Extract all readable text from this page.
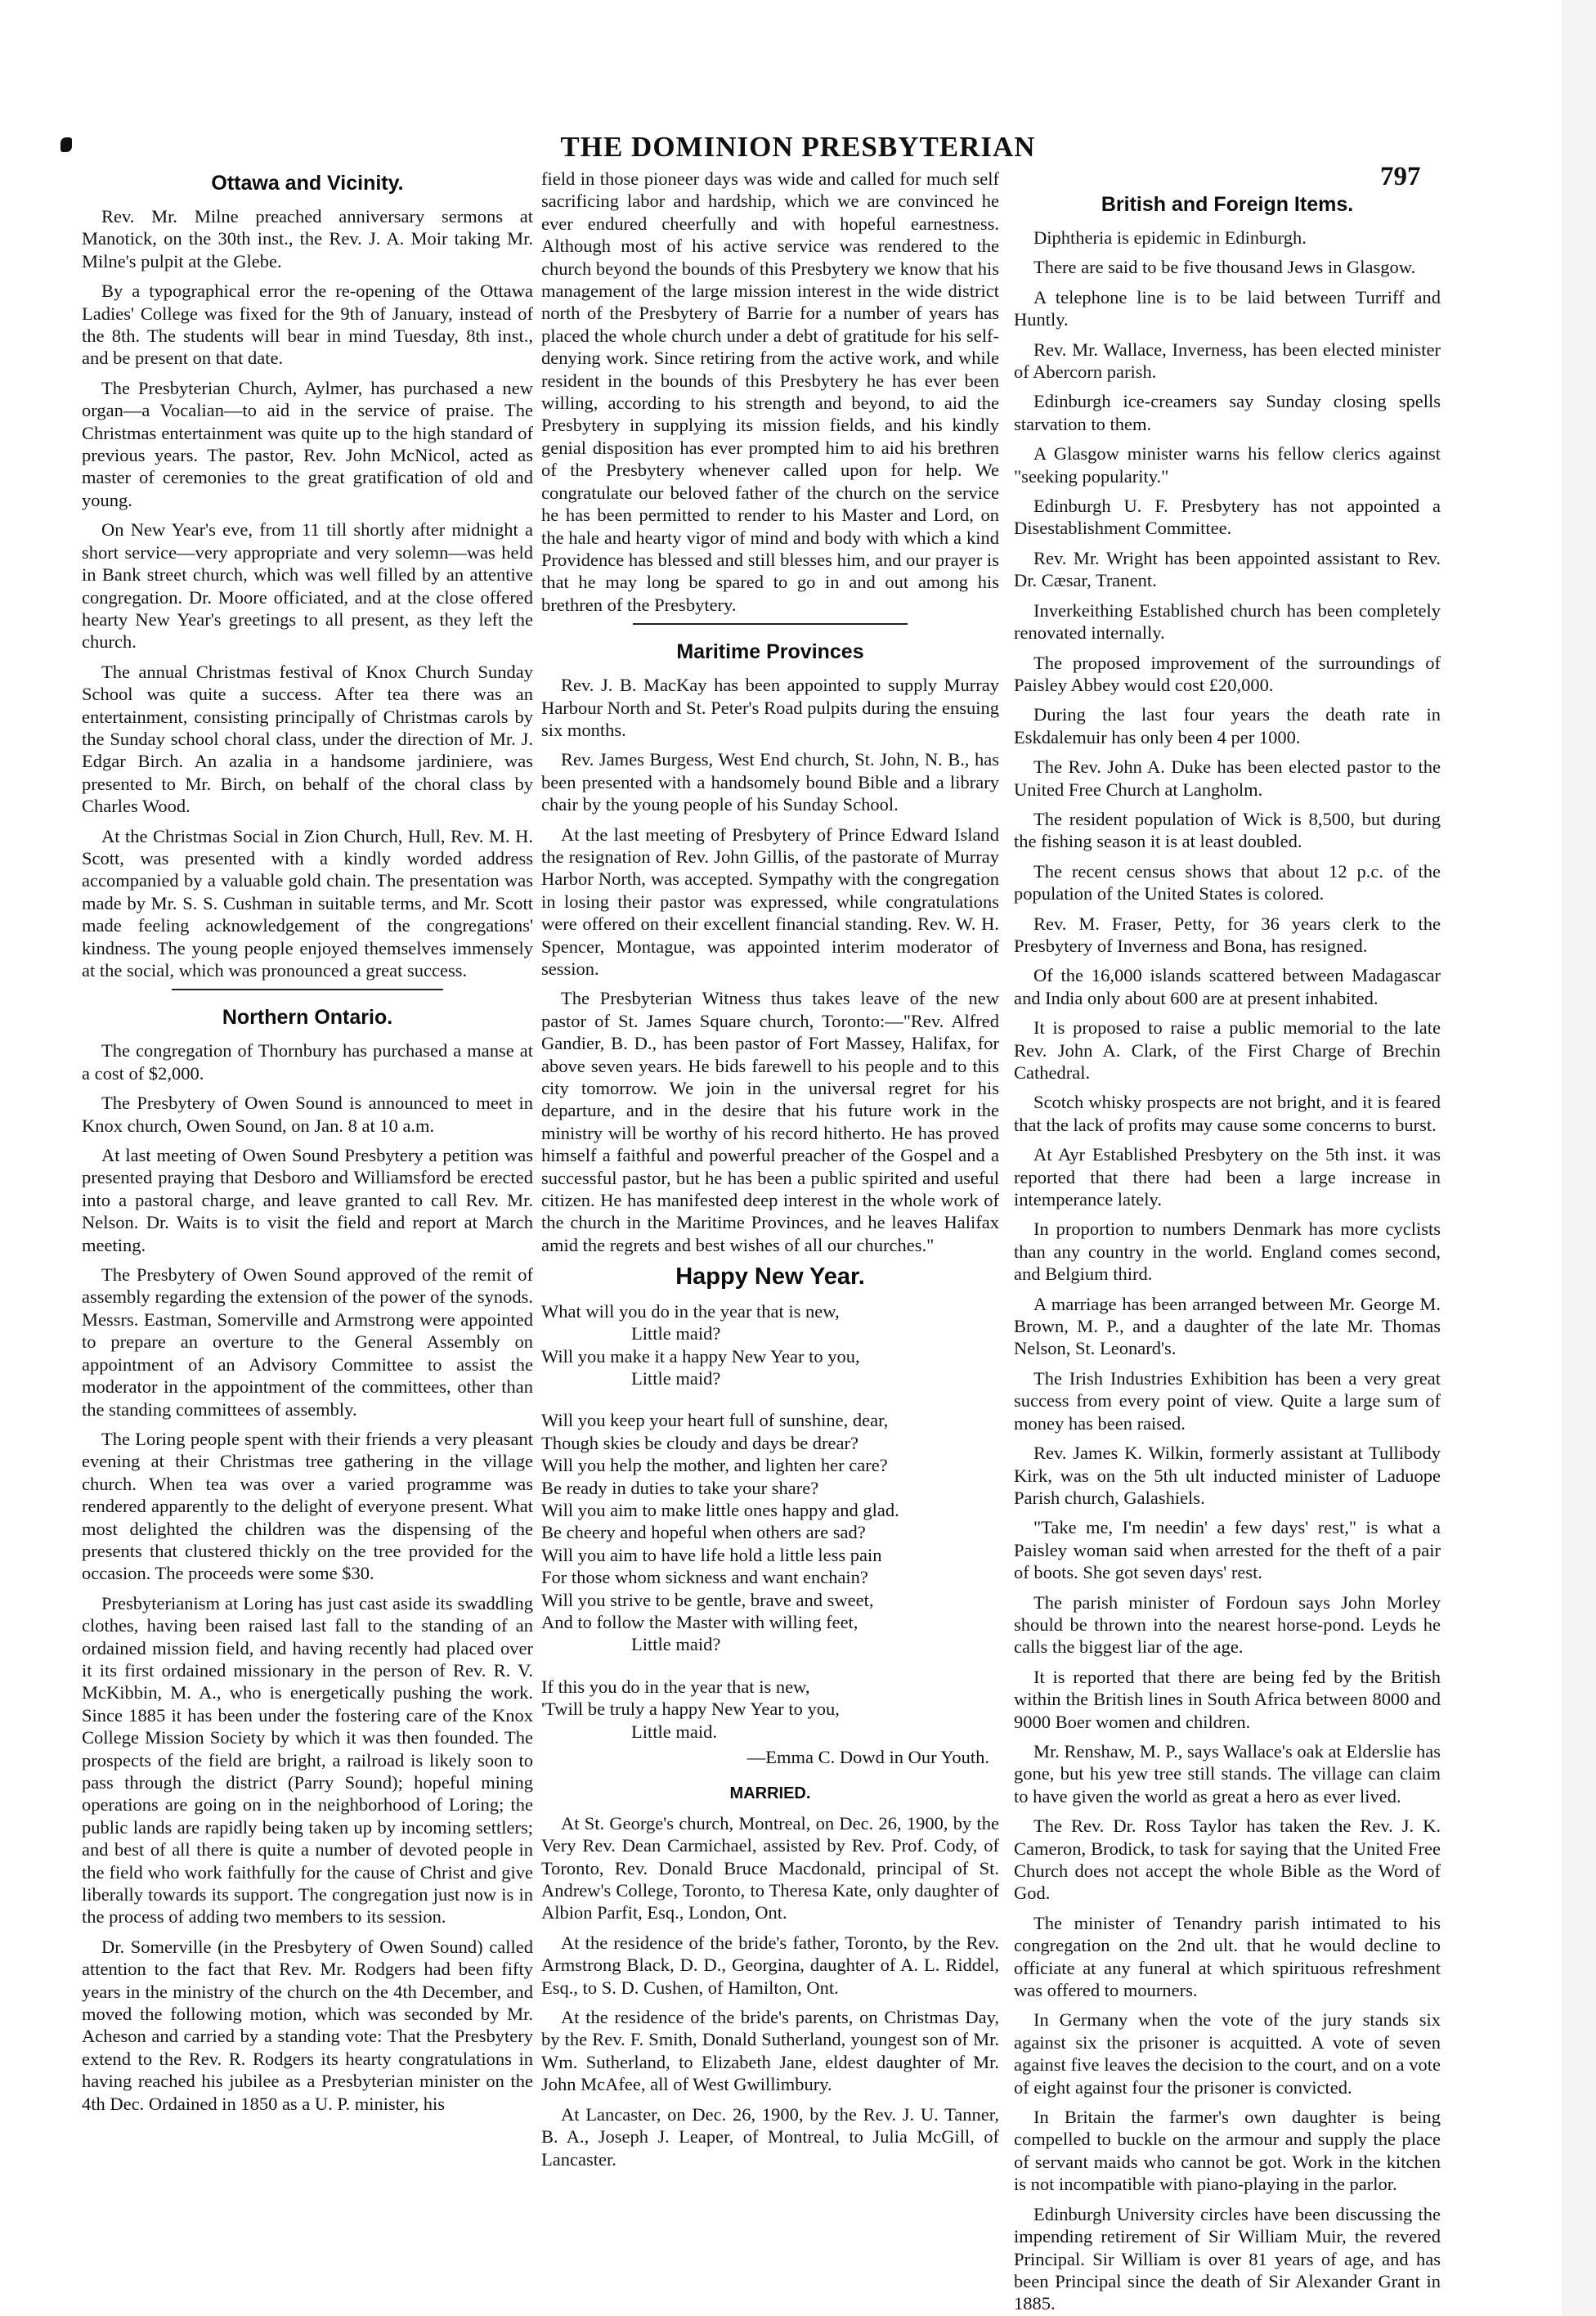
THE DOMINION PRESBYTERIAN
797
Ottawa and Vicinity.

Rev. Mr. Milne preached anniversary sermons at Manotick, on the 30th inst., the Rev. J. A. Moir taking Mr. Milne's pulpit at the Glebe.

By a typographical error the re-opening of the Ottawa Ladies' College was fixed for the 9th of January, instead of the 8th. The students will bear in mind Tuesday, 8th inst., and be present on that date.

The Presbyterian Church, Aylmer, has purchased a new organ—a Vocalian—to aid in the service of praise. The Christmas entertainment was quite up to the high standard of previous years. The pastor, Rev. John McNicol, acted as master of ceremonies to the great gratification of old and young.

On New Year's eve, from 11 till shortly after midnight a short service—very appropriate and very solemn—was held in Bank street church, which was well filled by an attentive congregation. Dr. Moore officiated, and at the close offered hearty New Year's greetings to all present, as they left the church.

The annual Christmas festival of Knox Church Sunday School was quite a success. After tea there was an entertainment, consisting principally of Christmas carols by the Sunday school choral class, under the direction of Mr. J. Edgar Birch. An azalia in a handsome jardiniere, was presented to Mr. Birch, on behalf of the choral class by Charles Wood.

At the Christmas Social in Zion Church, Hull, Rev. M. H. Scott, was presented with a kindly worded address accompanied by a valuable gold chain. The presentation was made by Mr. S. S. Cushman in suitable terms, and Mr. Scott made feeling acknowledgement of the congregations' kindness. The young people enjoyed themselves immensely at the social, which was pronounced a great success.

Northern Ontario.

The congregation of Thornbury has purchased a manse at a cost of $2,000.

The Presbytery of Owen Sound is announced to meet in Knox church, Owen Sound, on Jan. 8 at 10 a.m.

At last meeting of Owen Sound Presbytery a petition was presented praying that Desboro and Williamsford be erected into a pastoral charge, and leave granted to call Rev. Mr. Nelson. Dr. Waits is to visit the field and report at March meeting.

The Presbytery of Owen Sound approved of the remit of assembly regarding the extension of the power of the synods. Messrs. Eastman, Somerville and Armstrong were appointed to prepare an overture to the General Assembly on appointment of an Advisory Committee to assist the moderator in the appointment of the committees, other than the standing committees of assembly.

The Loring people spent with their friends a very pleasant evening at their Christmas tree gathering in the village church. When tea was over a varied programme was rendered apparently to the delight of everyone present. What most delighted the children was the dispensing of the presents that clustered thickly on the tree provided for the occasion. The proceeds were some $30.

Presbyterianism at Loring has just cast aside its swaddling clothes, having been raised last fall to the standing of an ordained mission field, and having recently had placed over it its first ordained missionary in the person of Rev. R. V. McKibbin, M. A., who is energetically pushing the work. Since 1885 it has been under the fostering care of the Knox College Mission Society by which it was then founded. The prospects of the field are bright, a railroad is likely soon to pass through the district (Parry Sound); hopeful mining operations are going on in the neighborhood of Loring; the public lands are rapidly being taken up by incoming settlers; and best of all there is quite a number of devoted people in the field who work faithfully for the cause of Christ and give liberally towards its support. The congregation just now is in the process of adding two members to its session.

Dr. Somerville (in the Presbytery of Owen Sound) called attention to the fact that Rev. Mr. Rodgers had been fifty years in the ministry of the church on the 4th December, and moved the following motion, which was seconded by Mr. Acheson and carried by a standing vote: That the Presbytery extend to the Rev. R. Rodgers its hearty congratulations in having reached his jubilee as a Presbyterian minister on the 4th Dec. Ordained in 1850 as a U. P. minister, his

field in those pioneer days was wide and called for much self sacrificing labor and hardship, which we are convinced he ever endured cheerfully and with hopeful earnestness. Although most of his active service was rendered to the church beyond the bounds of this Presbytery we know that his management of the large mission interest in the wide district north of the Presbytery of Barrie for a number of years has placed the whole church under a debt of gratitude for his self-denying work. Since retiring from the active work, and while resident in the bounds of this Presbytery he has ever been willing, according to his strength and beyond, to aid the Presbytery in supplying its mission fields, and his kindly genial disposition has ever prompted him to aid his brethren of the Presbytery whenever called upon for help. We congratulate our beloved father of the church on the service he has been permitted to render to his Master and Lord, on the hale and hearty vigor of mind and body with which a kind Providence has blessed and still blesses him, and our prayer is that he may long be spared to go in and out among his brethren of the Presbytery.

Maritime Provinces

Rev. J. B. MacKay has been appointed to supply Murray Harbour North and St. Peter's Road pulpits during the ensuing six months.

Rev. James Burgess, West End church, St. John, N. B., has been presented with a handsomely bound Bible and a library chair by the young people of his Sunday School.

At the last meeting of Presbytery of Prince Edward Island the resignation of Rev. John Gillis, of the pastorate of Murray Harbor North, was accepted. Sympathy with the congregation in losing their pastor was expressed, while congratulations were offered on their excellent financial standing. Rev. W. H. Spencer, Montague, was appointed interim moderator of session.

The Presbyterian Witness thus takes leave of the new pastor of St. James Square church, Toronto:—"Rev. Alfred Gandier, B. D., has been pastor of Fort Massey, Halifax, for above seven years. He bids farewell to his people and to this city tomorrow. We join in the universal regret for his departure, and in the desire that his future work in the ministry will be worthy of his record hitherto. He has proved himself a faithful and powerful preacher of the Gospel and a successful pastor, but he has been a public spirited and useful citizen. He has manifested deep interest in the whole work of the church in the Maritime Provinces, and he leaves Halifax amid the regrets and best wishes of all our churches."

Happy New Year.
What will you do in the year that is new,
Little maid?
Will you make it a happy New Year to you,
Little maid?
Will you keep your heart full of sunshine, dear,
Though skies be cloudy and days be drear?
Will you help the mother, and lighten her care?
Be ready in duties to take your share?
Will you aim to make little ones happy and glad.
Be cheery and hopeful when others are sad?
Will you aim to have life hold a little less pain
For those whom sickness and want enchain?
Will you strive to be gentle, brave and sweet,
And to follow the Master with willing feet,
Little maid?
If this you do in the year that is new,
'Twill be truly a happy New Year to you,
Little maid.
—Emma C. Dowd in Our Youth.
MARRIED.

At St. George's church, Montreal, on Dec. 26, 1900, by the Very Rev. Dean Carmichael, assisted by Rev. Prof. Cody, of Toronto, Rev. Donald Bruce Macdonald, principal of St. Andrew's College, Toronto, to Theresa Kate, only daughter of Albion Parfit, Esq., London, Ont.

At the residence of the bride's father, Toronto, by the Rev. Armstrong Black, D. D., Georgina, daughter of A. L. Riddel, Esq., to S. D. Cushen, of Hamilton, Ont.

At the residence of the bride's parents, on Christmas Day, by the Rev. F. Smith, Donald Sutherland, youngest son of Mr. Wm. Sutherland, to Elizabeth Jane, eldest daughter of Mr. John McAfee, all of West Gwillimbury.

At Lancaster, on Dec. 26, 1900, by the Rev. J. U. Tanner, B. A., Joseph J. Leaper, of Montreal, to Julia McGill, of Lancaster.

British and Foreign Items.

Diphtheria is epidemic in Edinburgh.

There are said to be five thousand Jews in Glasgow.

A telephone line is to be laid between Turriff and Huntly.

Rev. Mr. Wallace, Inverness, has been elected minister of Abercorn parish.

Edinburgh ice-creamers say Sunday closing spells starvation to them.

A Glasgow minister warns his fellow clerics against "seeking popularity."

Edinburgh U. F. Presbytery has not appointed a Disestablishment Committee.

Rev. Mr. Wright has been appointed assistant to Rev. Dr. Cæsar, Tranent.

Inverkeithing Established church has been completely renovated internally.

The proposed improvement of the surroundings of Paisley Abbey would cost £20,000.

During the last four years the death rate in Eskdalemuir has only been 4 per 1000.

The Rev. John A. Duke has been elected pastor to the United Free Church at Langholm.

The resident population of Wick is 8,500, but during the fishing season it is at least doubled.

The recent census shows that about 12 p.c. of the population of the United States is colored.

Rev. M. Fraser, Petty, for 36 years clerk to the Presbytery of Inverness and Bona, has resigned.

Of the 16,000 islands scattered between Madagascar and India only about 600 are at present inhabited.

It is proposed to raise a public memorial to the late Rev. John A. Clark, of the First Charge of Brechin Cathedral.

Scotch whisky prospects are not bright, and it is feared that the lack of profits may cause some concerns to burst.

At Ayr Established Presbytery on the 5th inst. it was reported that there had been a large increase in intemperance lately.

In proportion to numbers Denmark has more cyclists than any country in the world. England comes second, and Belgium third.

A marriage has been arranged between Mr. George M. Brown, M. P., and a daughter of the late Mr. Thomas Nelson, St. Leonard's.

The Irish Industries Exhibition has been a very great success from every point of view. Quite a large sum of money has been raised.

Rev. James K. Wilkin, formerly assistant at Tullibody Kirk, was on the 5th ult inducted minister of Laduope Parish church, Galashiels.

"Take me, I'm needin' a few days' rest," is what a Paisley woman said when arrested for the theft of a pair of boots. She got seven days' rest.

The parish minister of Fordoun says John Morley should be thrown into the nearest horse-pond. Leyds he calls the biggest liar of the age.

It is reported that there are being fed by the British within the British lines in South Africa between 8000 and 9000 Boer women and children.

Mr. Renshaw, M. P., says Wallace's oak at Elderslie has gone, but his yew tree still stands. The village can claim to have given the world as great a hero as ever lived.

The Rev. Dr. Ross Taylor has taken the Rev. J. K. Cameron, Brodick, to task for saying that the United Free Church does not accept the whole Bible as the Word of God.

The minister of Tenandry parish intimated to his congregation on the 2nd ult. that he would decline to officiate at any funeral at which spirituous refreshment was offered to mourners.

In Germany when the vote of the jury stands six against six the prisoner is acquitted. A vote of seven against five leaves the decision to the court, and on a vote of eight against four the prisoner is convicted.

In Britain the farmer's own daughter is being compelled to buckle on the armour and supply the place of servant maids who cannot be got. Work in the kitchen is not incompatible with piano-playing in the parlor.

Edinburgh University circles have been discussing the impending retirement of Sir William Muir, the revered Principal. Sir William is over 81 years of age, and has been Principal since the death of Sir Alexander Grant in 1885.
